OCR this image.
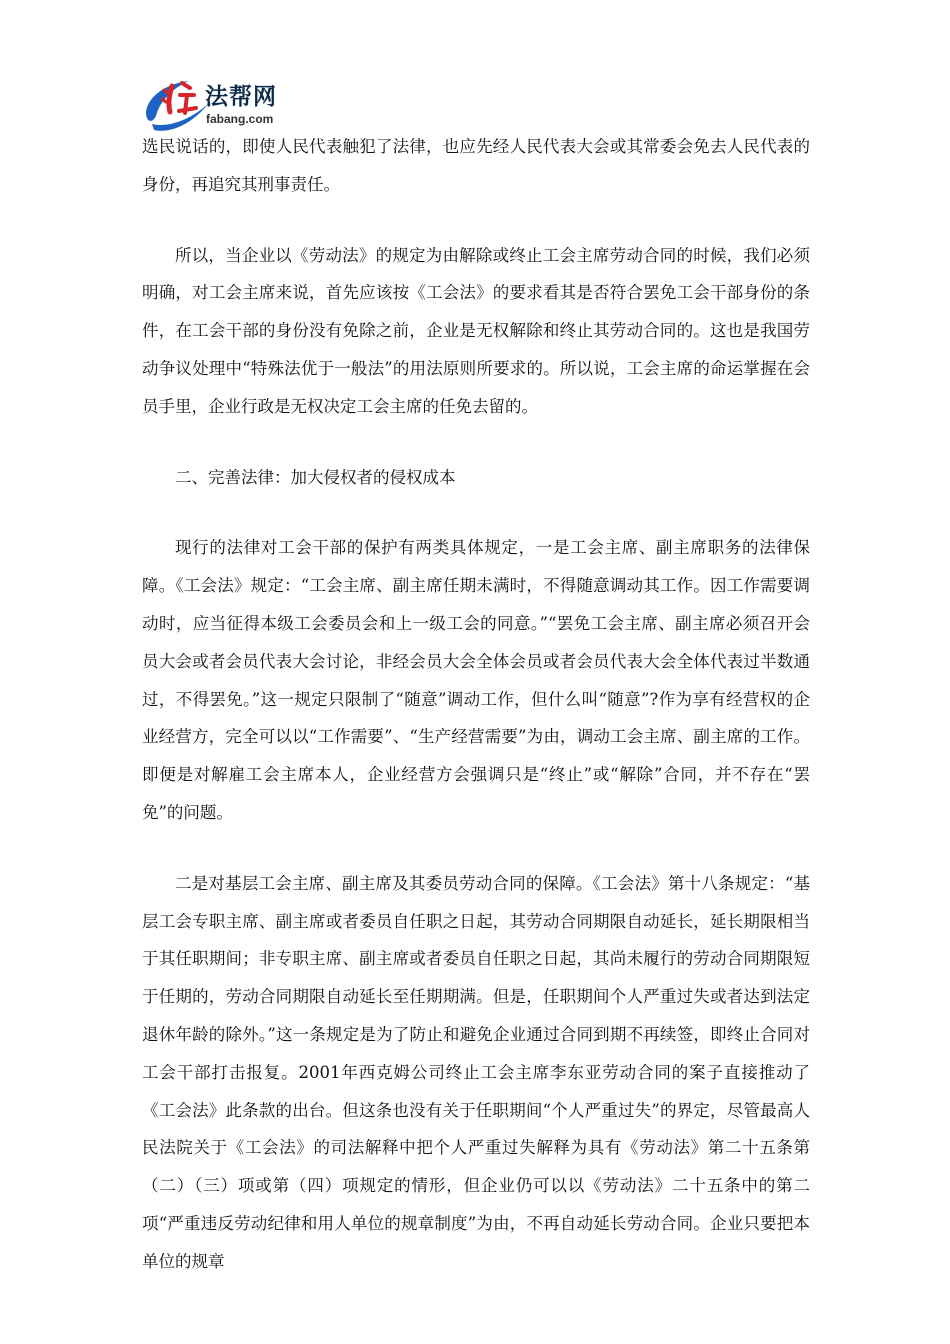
法帮网
fabang.com

选民说话的，即使人民代表触犯了法律，也应先经人民代表大会或其常委会免去人民代表的身份，再追究其刑事责任。

所以，当企业以《劳动法》的规定为由解除或终止工会主席劳动合同的时候，我们必须明确，对工会主席来说，首先应该按《工会法》的要求看其是否符合罢免工会干部身份的条件，在工会干部的身份没有免除之前，企业是无权解除和终止其劳动合同的。这也是我国劳动争议处理中“特殊法优于一般法”的用法原则所要求的。所以说，工会主席的命运掌握在会员手里，企业行政是无权决定工会主席的任免去留的。

二、完善法律：加大侵权者的侵权成本

现行的法律对工会干部的保护有两类具体规定，一是工会主席、副主席职务的法律保障。《工会法》规定：“工会主席、副主席任期未满时，不得随意调动其工作。因工作需要调动时，应当征得本级工会委员会和上一级工会的同意。”“罢免工会主席、副主席必须召开会员大会或者会员代表大会讨论，非经会员大会全体会员或者会员代表大会全体代表过半数通过，不得罢免。”这一规定只限制了“随意”调动工作，但什么叫“随意”?作为享有经营权的企业经营方，完全可以以“工作需要”、“生产经营需要”为由，调动工会主席、副主席的工作。即便是对解雇工会主席本人，企业经营方会强调只是“终止”或“解除”合同，并不存在“罢免”的问题。

二是对基层工会主席、副主席及其委员劳动合同的保障。《工会法》第十八条规定：“基层工会专职主席、副主席或者委员自任职之日起，其劳动合同期限自动延长，延长期限相当于其任职期间；非专职主席、副主席或者委员自任职之日起，其尚未履行的劳动合同期限短于任期的，劳动合同期限自动延长至任期期满。但是，任职期间个人严重过失或者达到法定退休年龄的除外。”这一条规定是为了防止和避免企业通过合同到期不再续签，即终止合同对工会干部打击报复。2001年西克姆公司终止工会主席李东亚劳动合同的案子直接推动了《工会法》此条款的出台。但这条也没有关于任职期间“个人严重过失”的界定，尽管最高人民法院关于《工会法》的司法解释中把个人严重过失解释为具有《劳动法》第二十五条第（二）（三）项或第（四）项规定的情形，但企业仍可以以《劳动法》二十五条中的第二项“严重违反劳动纪律和用人单位的规章制度”为由，不再自动延长劳动合同。企业只要把本单位的规章
